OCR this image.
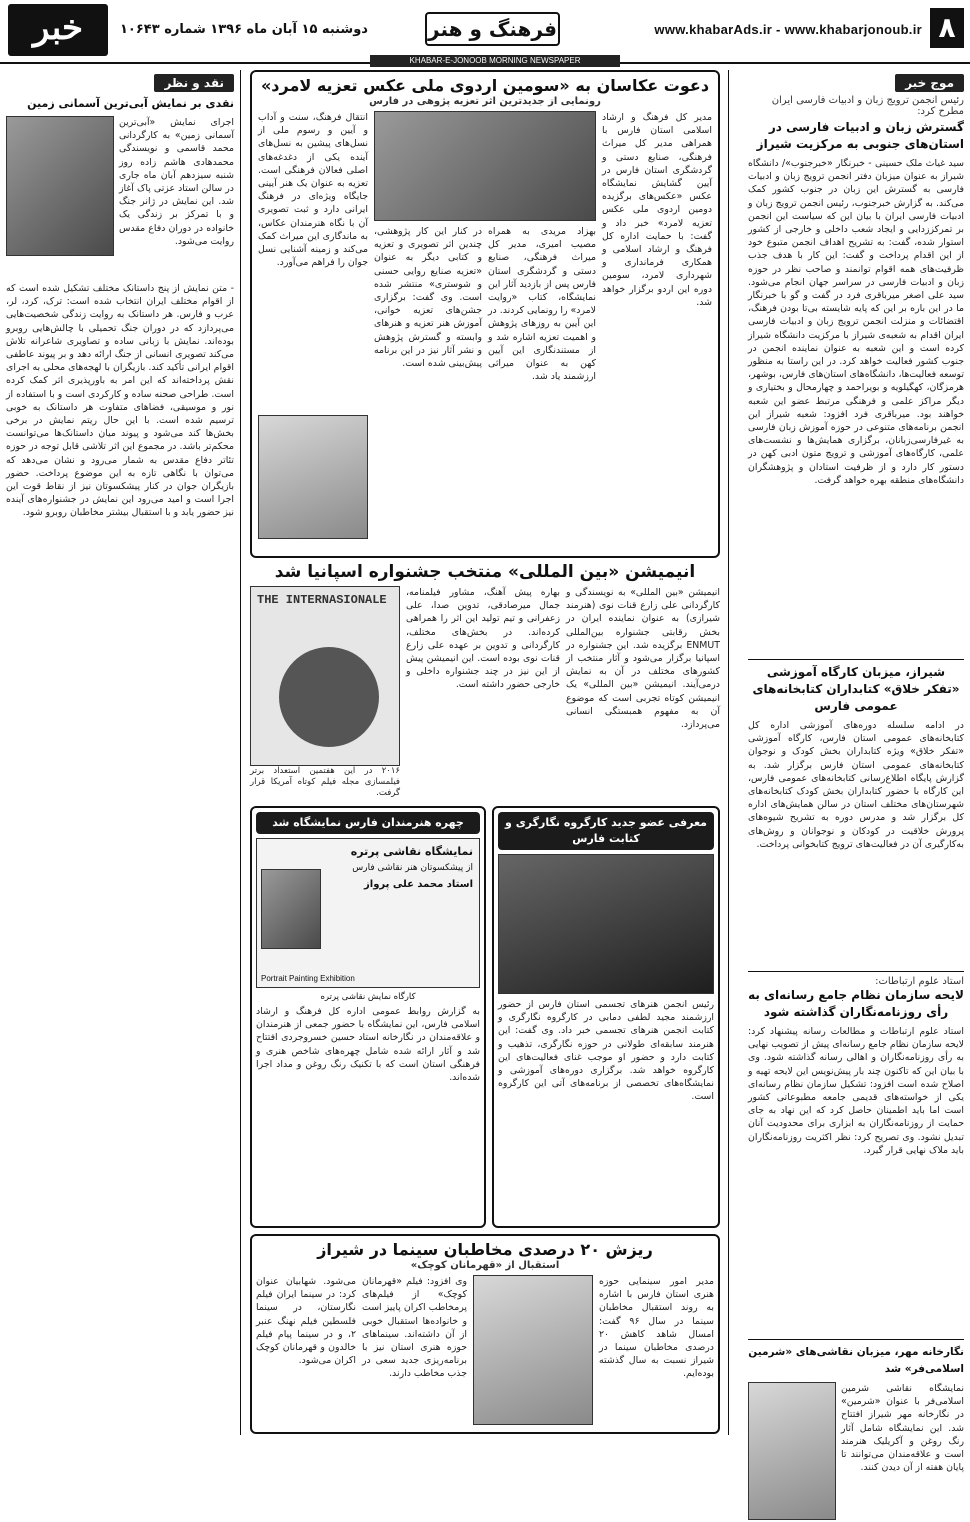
۸
www.khabarAds.ir - www.khabarjonoub.ir
فرهنگ و هنر
دوشنبه ۱۵ آبان ماه ۱۳۹۶ شماره ۱۰۶۴۳
خبر
KHABAR-E-JONOOB MORNING NEWSPAPER
موج خبر
رئیس انجمن ترویج زبان و ادبیات فارسی ایران مطرح کرد:
گسترش زبان و ادبیات فارسی در استان‌های جنوبی به مرکزیت شیراز
سید غیاث ملک حسینی - خبرنگار «خبرجنوب»/ دانشگاه شیراز به عنوان میزبان دفتر انجمن ترویج زبان و ادبیات فارسی به گسترش این زبان در جنوب کشور کمک می‌کند. به گزارش خبرجنوب، رئیس انجمن ترویج زبان و ادبیات فارسی ایران با بیان این که سیاست این انجمن بر تمرکززدایی و ایجاد شعب داخلی و خارجی از کشور استوار شده، گفت: به تشریح اهداف انجمن متبوع خود از این اقدام پرداخت و گفت: این کار با هدف جذب ظرفیت‌های همه اقوام توانمند و صاحب نظر در حوزه زبان و ادبیات فارسی در سراسر جهان انجام می‌شود. سید علی اصغر میرباقری فرد در گفت و گو با خبرنگار ما در این باره بر این که پایه شایسته بی‌تا بودن فرهنگ، اقتضائات و منزلت انجمن ترویج زبان و ادبیات فارسی ایران اقدام به شعبه‌ی شیراز با مرکزیت دانشگاه شیراز کرده است و این شعبه به عنوان نماینده انجمن در جنوب کشور فعالیت خواهد کرد. در این راستا به منظور توسعه فعالیت‌ها، دانشگاه‌های استان‌های فارس، بوشهر، هرمزگان، کهگیلویه و بویراحمد و چهارمحال و بختیاری و دیگر مراکز علمی و فرهنگی مرتبط عضو این شعبه خواهند بود. میرباقری فرد افزود: شعبه شیراز این انجمن برنامه‌های متنوعی در حوزه آموزش زبان فارسی به غیرفارسی‌زبانان، برگزاری همایش‌ها و نشست‌های علمی، کارگاه‌های آموزشی و ترویج متون ادبی کهن در دستور کار دارد و از ظرفیت استادان و پژوهشگران دانشگاه‌های منطقه بهره خواهد گرفت.
شیراز، میزبان کارگاه آموزشی «تفکر خلاق» کتابداران کتابخانه‌های عمومی فارس
در ادامه سلسله دوره‌های آموزشی اداره کل کتابخانه‌های عمومی استان فارس، کارگاه آموزشی «تفکر خلاق» ویژه کتابداران بخش کودک و نوجوان کتابخانه‌های عمومی استان فارس برگزار شد. به گزارش پایگاه اطلاع‌رسانی کتابخانه‌های عمومی فارس، این کارگاه با حضور کتابداران بخش کودک کتابخانه‌های شهرستان‌های مختلف استان در سالن همایش‌های اداره کل برگزار شد و مدرس دوره به تشریح شیوه‌های پرورش خلاقیت در کودکان و نوجوانان و روش‌های به‌کارگیری آن در فعالیت‌های ترویج کتابخوانی پرداخت.
استاد علوم ارتباطات:
لایحه سازمان نظام جامع رسانه‌ای به رأی روزنامه‌نگاران گذاشته شود
استاد علوم ارتباطات و مطالعات رسانه پیشنهاد کرد: لایحه سازمان نظام جامع رسانه‌ای پیش از تصویب نهایی به رأی روزنامه‌نگاران و اهالی رسانه گذاشته شود. وی با بیان این که تاکنون چند بار پیش‌نویس این لایحه تهیه و اصلاح شده است افزود: تشکیل سازمان نظام رسانه‌ای یکی از خواسته‌های قدیمی جامعه مطبوعاتی کشور است اما باید اطمینان حاصل کرد که این نهاد به جای حمایت از روزنامه‌نگاران به ابزاری برای محدودیت آنان تبدیل نشود. وی تصریح کرد: نظر اکثریت روزنامه‌نگاران باید ملاک نهایی قرار گیرد.
نگارخانه مهر، میزبان نقاشی‌های «شرمین اسلامی‌فر» شد
نمایشگاه نقاشی شرمین اسلامی‌فر با عنوان «شرمین» در نگارخانه مهر شیراز افتتاح شد. این نمایشگاه شامل آثار رنگ روغن و آکریلیک هنرمند است و علاقه‌مندان می‌توانند تا پایان هفته از آن دیدن کنند.
دعوت عکاسان به «سومین اردوی ملی عکس تعزیه لامرد»
رونمایی از جدیدترین اثر تعزیه پژوهی در فارس
مدیر کل فرهنگ و ارشاد اسلامی استان فارس با همراهی مدیر کل میراث فرهنگی، صنایع دستی و گردشگری استان فارس در آیین گشایش نمایشگاه عکس «عکس‌های برگزیده دومین اردوی ملی عکس تعزیه لامرد» خبر داد و گفت: با حمایت اداره کل فرهنگ و ارشاد اسلامی و همکاری فرمانداری و شهرداری لامرد، سومین دوره این اردو برگزار خواهد شد.
بهزاد مریدی به همراه مصیب امیری، مدیر کل میراث فرهنگی، صنایع دستی و گردشگری استان فارس پس از بازدید آثار این نمایشگاه، کتاب «روایت لامرد» را رونمایی کردند. در این آیین به روزهای پژوهش و اهمیت تعزیه اشاره شد و از مستندنگاری این آیین کهن به عنوان میراثی ارزشمند یاد شد.
در کنار این کار پژوهشی، چندین اثر تصویری و تعزیه و کتابی دیگر به عنوان «تعزیه صنایع روایی حسنی و شوستری» منتشر شده است. وی گفت: برگزاری جشن‌های تعزیه خوانی، آموزش هنر تعزیه و هنرهای وابسته و گسترش پژوهش و نشر آثار نیز در این برنامه پیش‌بینی شده است.
انتقال فرهنگ، سنت و آداب و آیین و رسوم ملی از نسل‌های پیشین به نسل‌های آینده یکی از دغدغه‌های اصلی فعالان فرهنگی است. تعزیه به عنوان یک هنر آیینی جایگاه ویژه‌ای در فرهنگ ایرانی دارد و ثبت تصویری آن با نگاه هنرمندان عکاس، به ماندگاری این میراث کمک می‌کند و زمینه آشنایی نسل جوان را فراهم می‌آورد.
انیمیشن «بین المللی» منتخب جشنواره اسپانیا شد
انیمیشن «بین المللی» به نویسندگی و کارگردانی علی زارع قنات نوی (هنرمند شیرازی) به عنوان نماینده ایران در بخش رقابتی جشنواره بین‌المللی ENMUT برگزیده شد. این جشنواره در اسپانیا برگزار می‌شود و آثار منتخب از کشورهای مختلف در آن به نمایش درمی‌آیند. انیمیشن «بین المللی» یک انیمیشن کوتاه تجربی است که موضوع آن به مفهوم همبستگی انسانی می‌پردازد.
بهاره پیش آهنگ، مشاور فیلمنامه، جمال میرصادقی، تدوین صدا، علی زعفرانی و تیم تولید این اثر را همراهی کرده‌اند. در بخش‌های مختلف، کارگردانی و تدوین بر عهده علی زارع قنات نوی بوده است. این انیمیشن پیش از این نیز در چند جشنواره داخلی و خارجی حضور داشته است.
THE INTERNASIONALE
۲۰۱۶ در این هفتمین استعداد برتر فیلمسازی مجله فیلم کوتاه آمریکا قرار گرفت.
معرفی عضو جدید کارگروه نگارگری و کتابت فارس
رئیس انجمن هنرهای تجسمی استان فارس از حضور ارزشمند مجید لطفی دمابی در کارگروه نگارگری و کتابت انجمن هنرهای تجسمی خبر داد. وی گفت: این هنرمند سابقه‌ای طولانی در حوزه نگارگری، تذهیب و کتابت دارد و حضور او موجب غنای فعالیت‌های این کارگروه خواهد شد. برگزاری دوره‌های آموزشی و نمایشگاه‌های تخصصی از برنامه‌های آتی این کارگروه است.
چهره هنرمندان فارس نمایشگاه شد
نمایشگاه نقاشی پرتره
از پیشکسوتان هنر نقاشی فارس
استاد محمد علی پرواز
Portrait Painting Exhibition
کارگاه نمایش نقاشی پرتره
به گزارش روابط عمومی اداره کل فرهنگ و ارشاد اسلامی فارس، این نمایشگاه با حضور جمعی از هنرمندان و علاقه‌مندان در نگارخانه استاد حسین خسروجردی افتتاح شد و آثار ارائه شده شامل چهره‌های شاخص هنری و فرهنگی استان است که با تکنیک رنگ روغن و مداد اجرا شده‌اند.
ریزش ۲۰ درصدی مخاطبان سینما در شیراز
استقبال از «قهرمانان کوچک»
مدیر امور سینمایی حوزه هنری استان فارس با اشاره به روند استقبال مخاطبان سینما در سال ۹۶ گفت: امسال شاهد کاهش ۲۰ درصدی مخاطبان سینما در شیراز نسبت به سال گذشته بوده‌ایم.
وی افزود: فیلم «قهرمانان کوچک» از فیلم‌های پرمخاطب اکران پاییز است و خانواده‌ها استقبال خوبی از آن داشته‌اند. سینماهای حوزه هنری استان نیز با برنامه‌ریزی جدید سعی در جذب مخاطب دارند.
می‌شود. شهابیان عنوان کرد: در سینما ایران فیلم نگارستان، در سینما فلسطین فیلم نهنگ عنبر ۲، و در سینما پیام فیلم خالدون و قهرمانان کوچک اکران می‌شود.
نقد و نظر
نقدی بر نمایش آبی‌ترین آسمانی زمین
اجرای نمایش «آبی‌ترین آسمانی زمین» به کارگردانی محمد قاسمی و نویسندگی محمدهادی هاشم زاده روز شنبه سیزدهم آبان ماه جاری در سالن استاد عزتی پاک آغاز شد. این نمایش در ژانر جنگ و با تمرکز بر زندگی یک خانواده در دوران دفاع مقدس روایت می‌شود.
- متن نمایش از پنج داستانک مختلف تشکیل شده است که از اقوام مختلف ایران انتخاب شده است: ترک، کرد، لر، عرب و فارس. هر داستانک به روایت زندگی شخصیت‌هایی می‌پردازد که در دوران جنگ تحمیلی با چالش‌هایی روبرو بوده‌اند. نمایش با زبانی ساده و تصاویری شاعرانه تلاش می‌کند تصویری انسانی از جنگ ارائه دهد و بر پیوند عاطفی اقوام ایرانی تأکید کند. بازیگران با لهجه‌های محلی به اجرای نقش پرداخته‌اند که این امر به باورپذیری اثر کمک کرده است. طراحی صحنه ساده و کارکردی است و با استفاده از نور و موسیقی، فضاهای متفاوت هر داستانک به خوبی ترسیم شده است. با این حال ریتم نمایش در برخی بخش‌ها کند می‌شود و پیوند میان داستانک‌ها می‌توانست محکم‌تر باشد. در مجموع این اثر تلاشی قابل توجه در حوزه تئاتر دفاع مقدس به شمار می‌رود و نشان می‌دهد که می‌توان با نگاهی تازه به این موضوع پرداخت. حضور بازیگران جوان در کنار پیشکسوتان نیز از نقاط قوت این اجرا است و امید می‌رود این نمایش در جشنواره‌های آینده نیز حضور یابد و با استقبال بیشتر مخاطبان روبرو شود.
